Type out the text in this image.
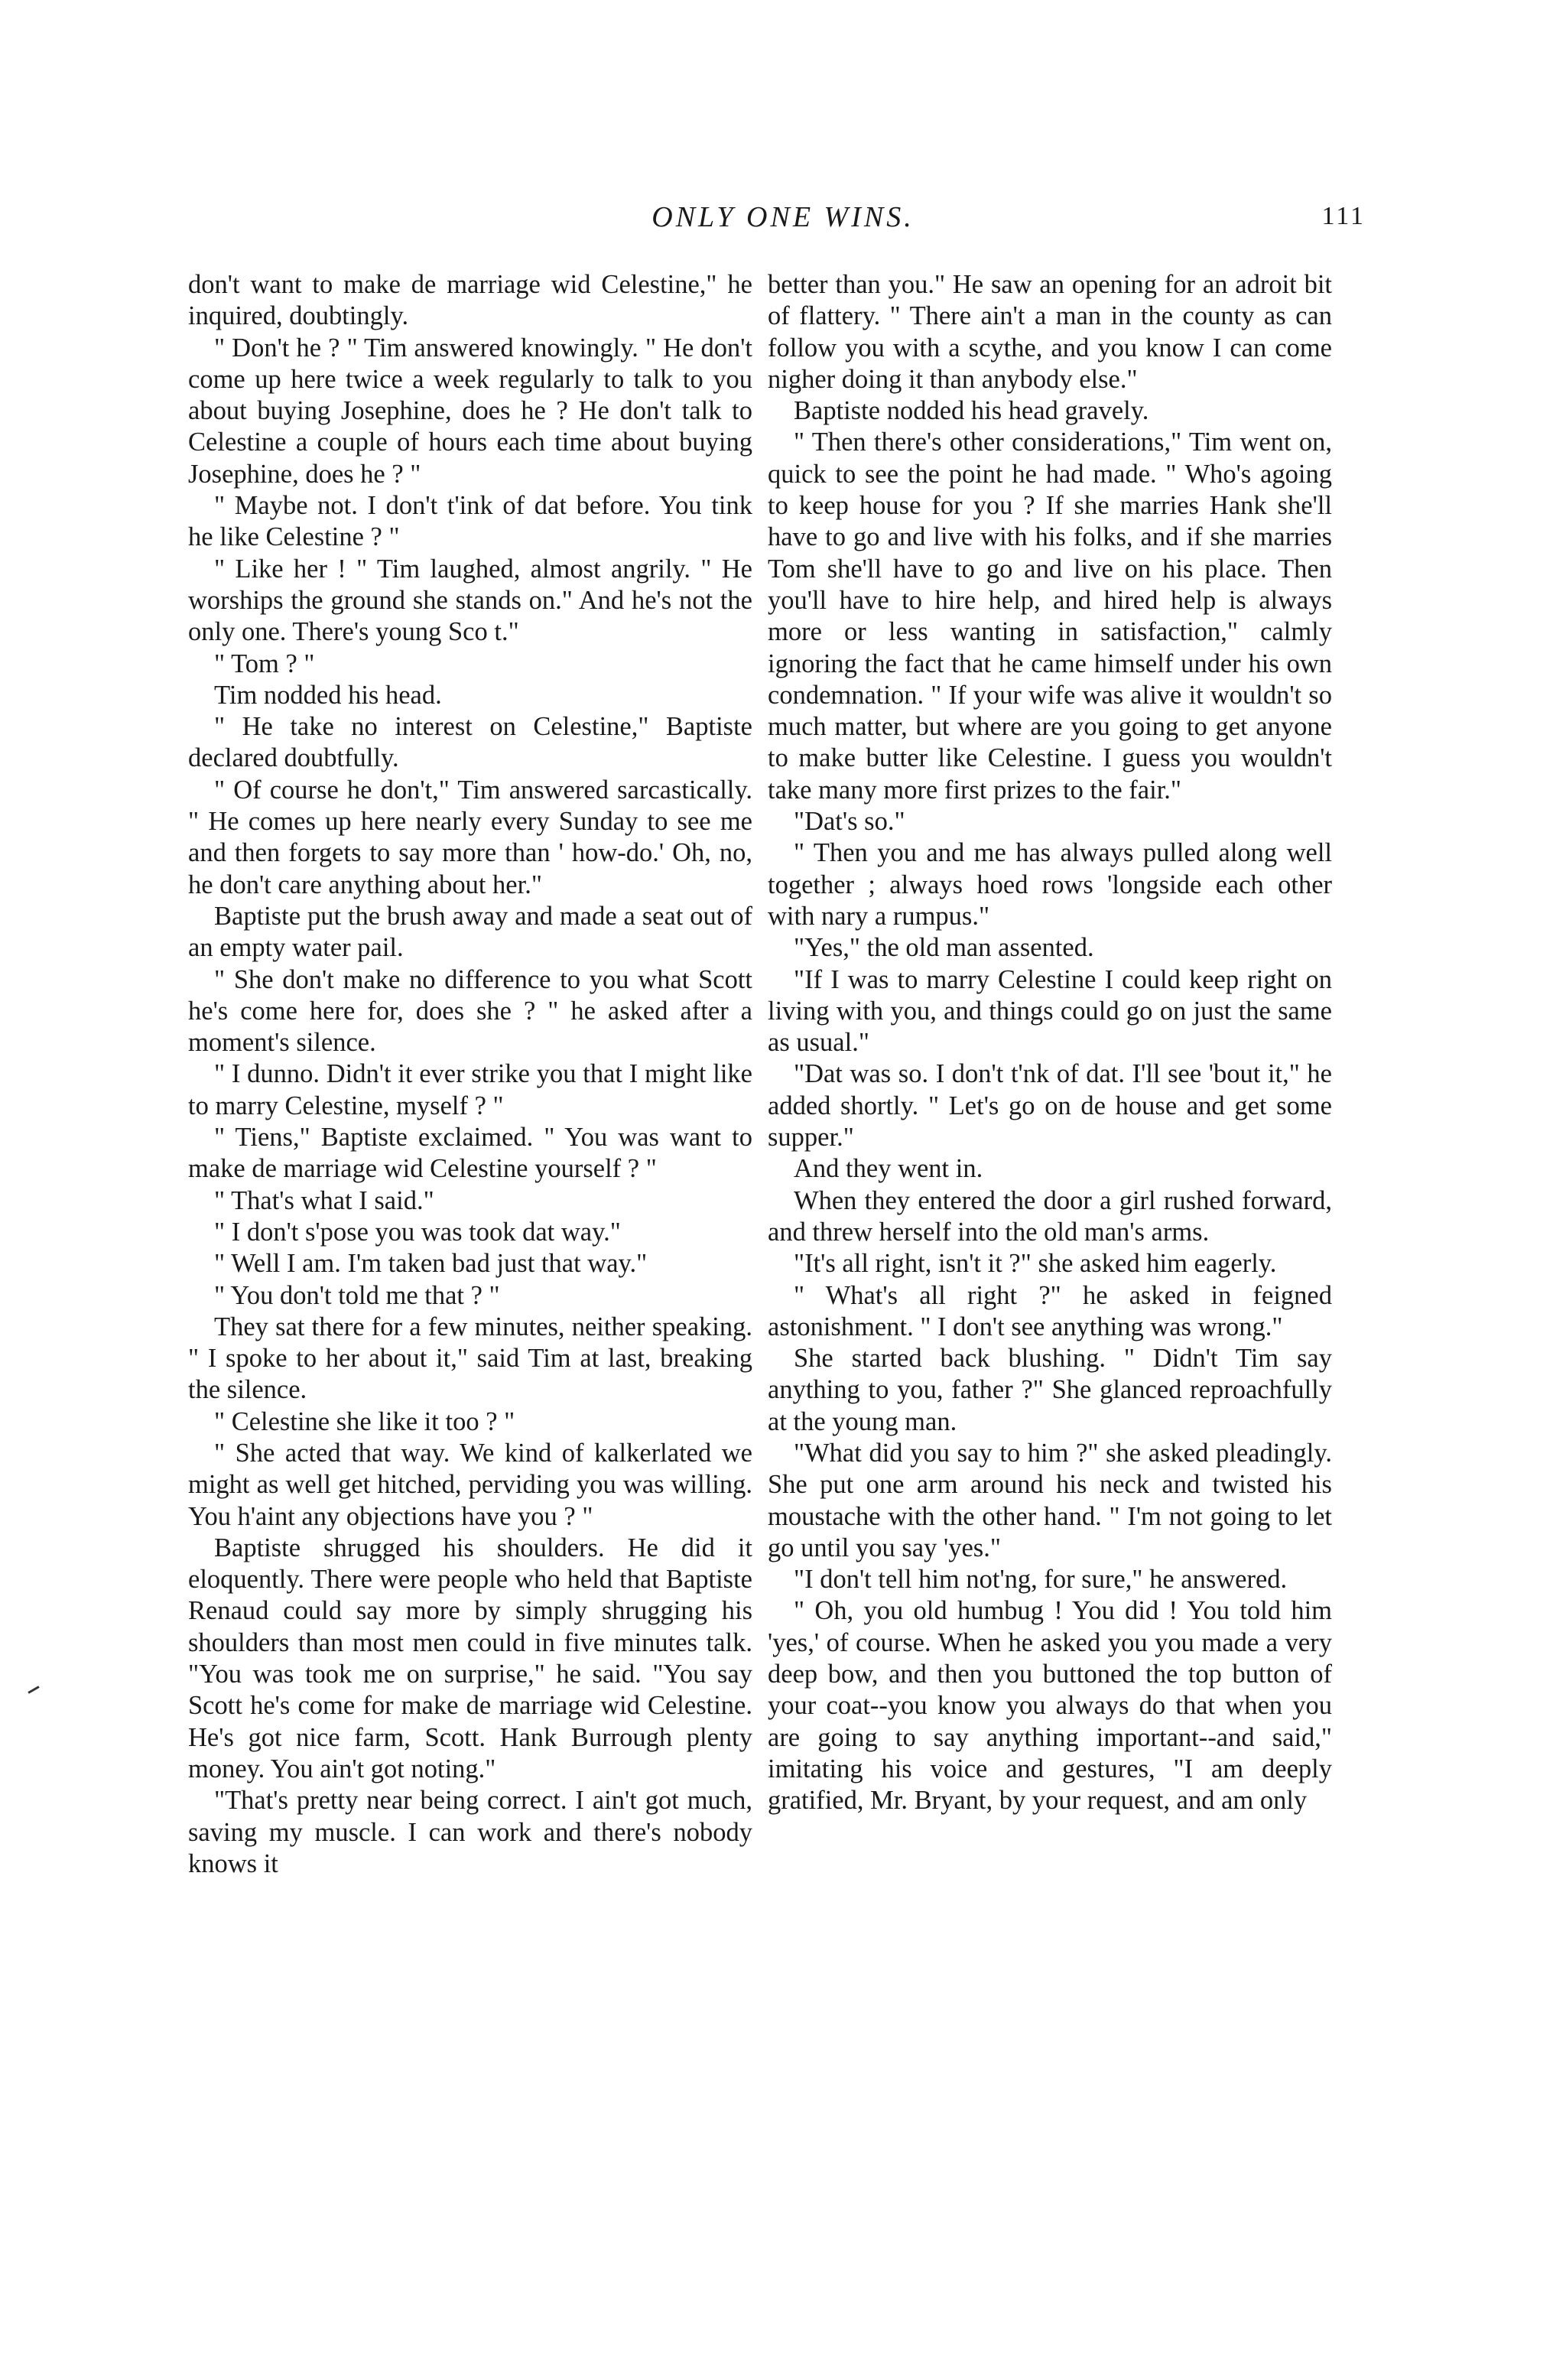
ONLY ONE WINS.	111

don't want to make de marriage wid Celestine," he inquired, doubtingly.

" Don't he ? " Tim answered knowingly. " He don't come up here twice a week regularly to talk to you about buying Josephine, does he ? He don't talk to Celestine a couple of hours each time about buying Josephine, does he ? "

" Maybe not. I don't t'ink of dat before. You tink he like Celestine ? "

" Like her ! " Tim laughed, almost angrily. " He worships the ground she stands on." And he's not the only one. There's young Sco t."

" Tom ? "

Tim nodded his head.

" He take no interest on Celestine," Baptiste declared doubtfully.

" Of course he don't," Tim answered sarcastically. " He comes up here nearly every Sunday to see me and then forgets to say more than ' how-do.' Oh, no, he don't care anything about her."

Baptiste put the brush away and made a seat out of an empty water pail.

" She don't make no difference to you what Scott he's come here for, does she ? " he asked after a moment's silence.

" I dunno. Didn't it ever strike you that I might like to marry Celestine, myself ? "

" Tiens," Baptiste exclaimed. " You was want to make de marriage wid Celestine yourself ? "

" That's what I said."

" I don't s'pose you was took dat way."

" Well I am. I'm taken bad just that way."

" You don't told me that ? "

They sat there for a few minutes, neither speaking. " I spoke to her about it," said Tim at last, breaking the silence.

" Celestine she like it too ? "

" She acted that way. We kind of kalkerlated we might as well get hitched, perviding you was willing. You h'aint any objections have you ? "

Baptiste shrugged his shoulders. He did it eloquently. There were people who held that Baptiste Renaud could say more by simply shrugging his shoulders than most men could in five minutes talk. "You was took me on surprise," he said. "You say Scott he's come for make de marriage wid Celestine. He's got nice farm, Scott. Hank Burrough plenty money. You ain't got noting."

"That's pretty near being correct. I ain't got much, saving my muscle. I can work and there's nobody knows it

better than you." He saw an opening for an adroit bit of flattery. " There ain't a man in the county as can follow you with a scythe, and you know I can come nigher doing it than anybody else."

Baptiste nodded his head gravely.

" Then there's other considerations," Tim went on, quick to see the point he had made. " Who's agoing to keep house for you ? If she marries Hank she'll have to go and live with his folks, and if she marries Tom she'll have to go and live on his place. Then you'll have to hire help, and hired help is always more or less wanting in satisfaction," calmly ignoring the fact that he came himself under his own condemnation. " If your wife was alive it wouldn't so much matter, but where are you going to get anyone to make butter like Celestine. I guess you wouldn't take many more first prizes to the fair."

"Dat's so."

" Then you and me has always pulled along well together ; always hoed rows 'longside each other with nary a rumpus."

"Yes," the old man assented.

"If I was to marry Celestine I could keep right on living with you, and things could go on just the same as usual."

"Dat was so. I don't t'nk of dat. I'll see 'bout it," he added shortly. " Let's go on de house and get some supper."

And they went in.

When they entered the door a girl rushed forward, and threw herself into the old man's arms.

"It's all right, isn't it ?" she asked him eagerly.

" What's all right ?" he asked in feigned astonishment. " I don't see anything was wrong."

She started back blushing. " Didn't Tim say anything to you, father ?" She glanced reproachfully at the young man.

"What did you say to him ?" she asked pleadingly. She put one arm around his neck and twisted his moustache with the other hand. " I'm not going to let go until you say 'yes."

"I don't tell him not'ng, for sure," he answered.

" Oh, you old humbug ! You did ! You told him 'yes,' of course. When he asked you you made a very deep bow, and then you buttoned the top button of your coat--you know you always do that when you are going to say anything important--and said," imitating his voice and gestures, "I am deeply gratified, Mr. Bryant, by your request, and am only
